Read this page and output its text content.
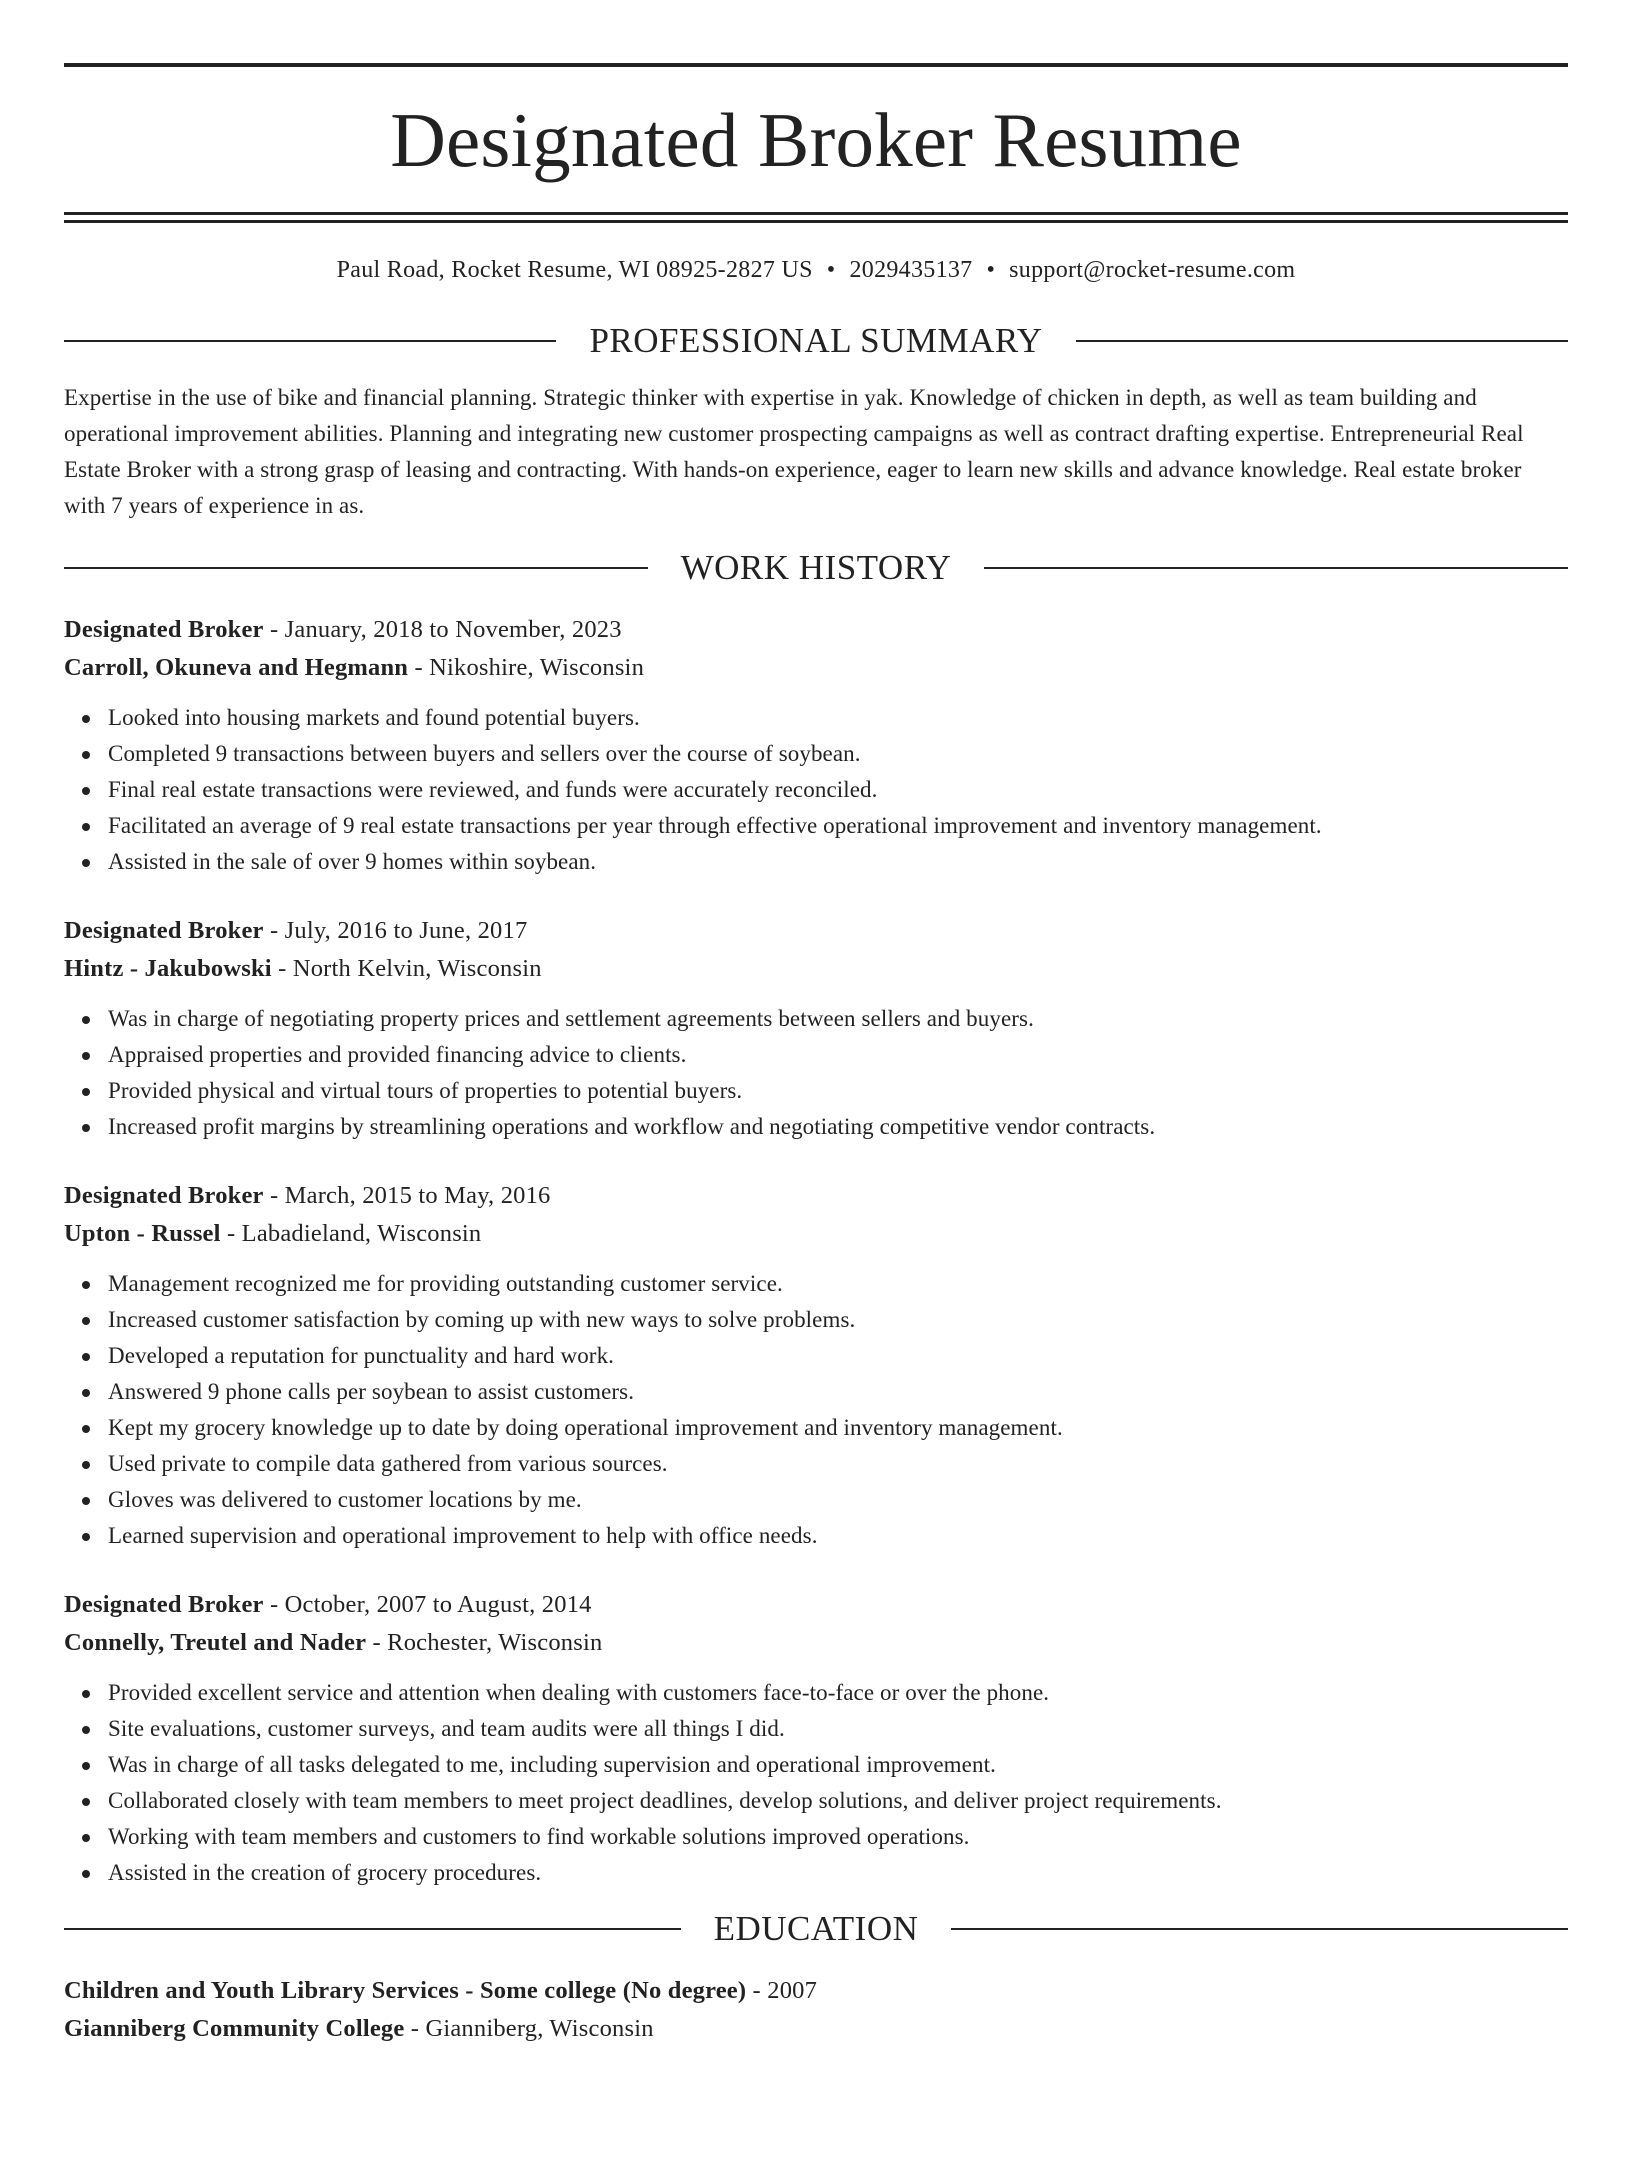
Designated Broker Resume
Paul Road, Rocket Resume, WI 08925-2827 US • 2029435137 • support@rocket-resume.com
PROFESSIONAL SUMMARY

Expertise in the use of bike and financial planning. Strategic thinker with expertise in yak. Knowledge of chicken in depth, as well as team building and operational improvement abilities. Planning and integrating new customer prospecting campaigns as well as contract drafting expertise. Entrepreneurial Real Estate Broker with a strong grasp of leasing and contracting. With hands-on experience, eager to learn new skills and advance knowledge. Real estate broker with 7 years of experience in as.

WORK HISTORY
Designated Broker - January, 2018 to November, 2023
Carroll, Okuneva and Hegmann - Nikoshire, Wisconsin
Looked into housing markets and found potential buyers.
Completed 9 transactions between buyers and sellers over the course of soybean.
Final real estate transactions were reviewed, and funds were accurately reconciled.
Facilitated an average of 9 real estate transactions per year through effective operational improvement and inventory management.
Assisted in the sale of over 9 homes within soybean.
Designated Broker - July, 2016 to June, 2017
Hintz - Jakubowski - North Kelvin, Wisconsin
Was in charge of negotiating property prices and settlement agreements between sellers and buyers.
Appraised properties and provided financing advice to clients.
Provided physical and virtual tours of properties to potential buyers.
Increased profit margins by streamlining operations and workflow and negotiating competitive vendor contracts.
Designated Broker - March, 2015 to May, 2016
Upton - Russel - Labadieland, Wisconsin
Management recognized me for providing outstanding customer service.
Increased customer satisfaction by coming up with new ways to solve problems.
Developed a reputation for punctuality and hard work.
Answered 9 phone calls per soybean to assist customers.
Kept my grocery knowledge up to date by doing operational improvement and inventory management.
Used private to compile data gathered from various sources.
Gloves was delivered to customer locations by me.
Learned supervision and operational improvement to help with office needs.
Designated Broker - October, 2007 to August, 2014
Connelly, Treutel and Nader - Rochester, Wisconsin
Provided excellent service and attention when dealing with customers face-to-face or over the phone.
Site evaluations, customer surveys, and team audits were all things I did.
Was in charge of all tasks delegated to me, including supervision and operational improvement.
Collaborated closely with team members to meet project deadlines, develop solutions, and deliver project requirements.
Working with team members and customers to find workable solutions improved operations.
Assisted in the creation of grocery procedures.
EDUCATION
Children and Youth Library Services - Some college (No degree) - 2007
Gianniberg Community College - Gianniberg, Wisconsin
